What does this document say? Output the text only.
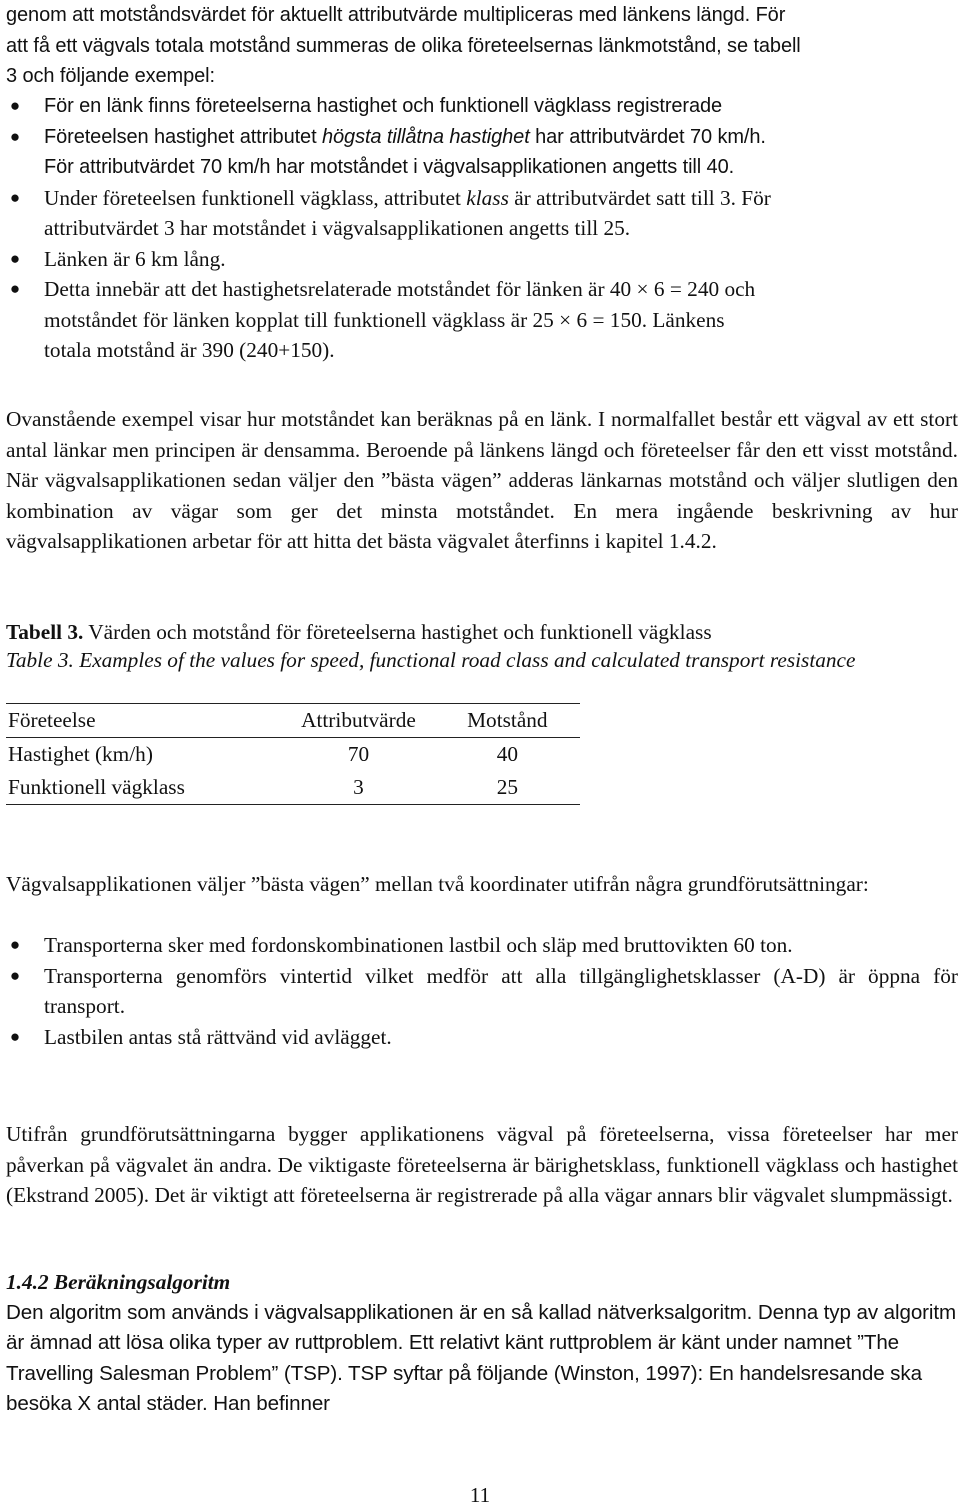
genom att motståndsvärdet för aktuellt attributvärde multipliceras med länkens längd. För

att få ett vägvals totala motstånd summeras de olika företeelsernas länkmotstånd, se tabell

3 och följande exempel:

● För en länk finns företeelserna hastighet och funktionell vägklass registrerade
● Företeelsen hastighet attributet högsta tillåtna hastighet har attributvärdet 70 km/h.
För attributvärdet 70 km/h har motståndet i vägvalsapplikationen angetts till 40.
● Under företeelsen funktionell vägklass, attributet klass är attributvärdet satt till 3. För
attributvärdet 3 har motståndet i vägvalsapplikationen angetts till 25.
● Länken är 6 km lång.
● Detta innebär att det hastighetsrelaterade motståndet för länken är 40 × 6 = 240 och
motståndet för länken kopplat till funktionell vägklass är 25 × 6 = 150. Länkens
totala motstånd är 390 (240+150).

Ovanstående exempel visar hur motståndet kan beräknas på en länk. I normalfallet består ett vägval av ett stort antal länkar men principen är densamma. Beroende på länkens längd och företeelser får den ett visst motstånd. När vägvalsapplikationen sedan väljer den ”bästa vägen” adderas länkarnas motstånd och väljer slutligen den kombination av vägar som ger det minsta motståndet. En mera ingående beskrivning av hur vägvalsapplikationen arbetar för att hitta det bästa vägvalet återfinns i kapitel 1.4.2.

Tabell 3. Värden och motstånd för företeelserna hastighet och funktionell vägklass

Table 3. Examples of the values for speed, functional road class and calculated transport resistance

Företeelse	Attributvärde	Motstånd
Hastighet (km/h)	70	40
Funktionell vägklass	3	25

Vägvalsapplikationen väljer ”bästa vägen” mellan två koordinater utifrån några grundförutsättningar:

● Transporterna sker med fordonskombinationen lastbil och släp med bruttovikten 60 ton.
● Transporterna genomförs vintertid vilket medför att alla tillgänglighetsklasser (A-D) är öppna för transport.
● Lastbilen antas stå rättvänd vid avlägget.

Utifrån grundförutsättningarna bygger applikationens vägval på företeelserna, vissa företeelser har mer påverkan på vägvalet än andra. De viktigaste företeelserna är bärighetsklass, funktionell vägklass och hastighet (Ekstrand 2005). Det är viktigt att företeelserna är registrerade på alla vägar annars blir vägvalet slumpmässigt.

1.4.2 Beräkningsalgoritm

Den algoritm som används i vägvalsapplikationen är en så kallad nätverksalgoritm. Denna typ av algoritm är ämnad att lösa olika typer av ruttproblem. Ett relativt känt ruttproblem är känt under namnet ”The Travelling Salesman Problem” (TSP). TSP syftar på följande (Winston, 1997): En handelsresande ska besöka X antal städer. Han befinner

11
